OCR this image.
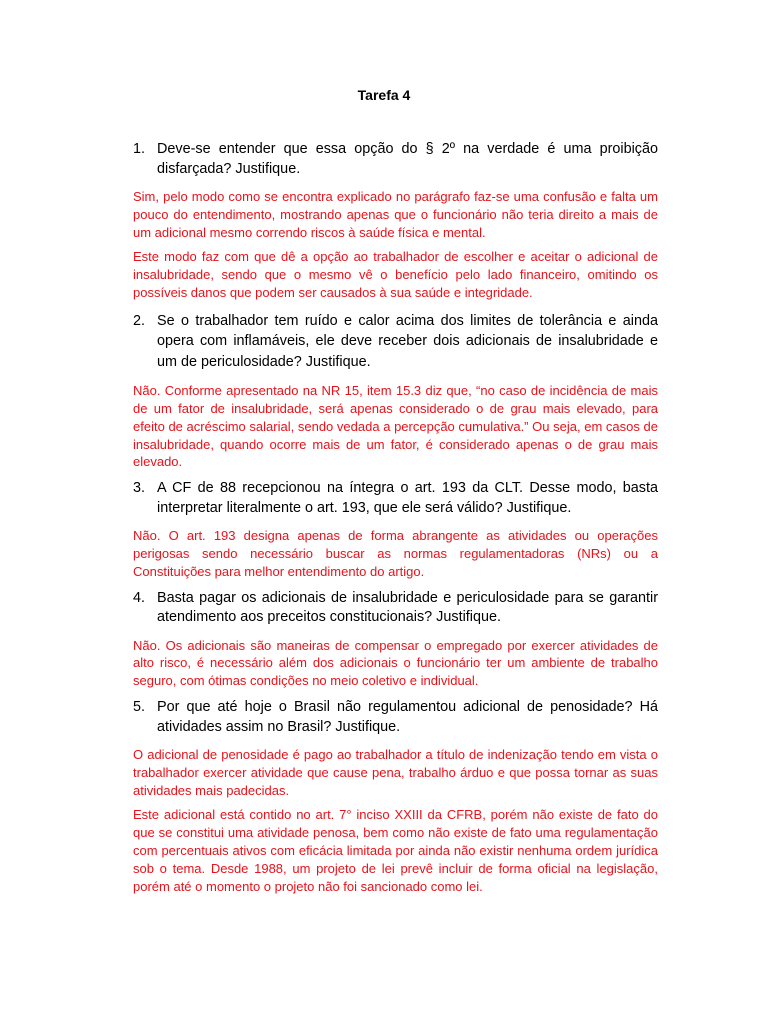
Tarefa 4
1. Deve-se entender que essa opção do § 2º na verdade é uma proibição disfarçada? Justifique.

Sim, pelo modo como se encontra explicado no parágrafo faz-se uma confusão e falta um pouco do entendimento, mostrando apenas que o funcionário não teria direito a mais de um adicional mesmo correndo riscos à saúde física e mental.

Este modo faz com que dê a opção ao trabalhador de escolher e aceitar o adicional de insalubridade, sendo que o mesmo vê o benefício pelo lado financeiro, omitindo os possíveis danos que podem ser causados à sua saúde e integridade.

2. Se o trabalhador tem ruído e calor acima dos limites de tolerância e ainda opera com inflamáveis, ele deve receber dois adicionais de insalubridade e um de periculosidade? Justifique.

Não. Conforme apresentado na NR 15, item 15.3 diz que, “no caso de incidência de mais de um fator de insalubridade, será apenas considerado o de grau mais elevado, para efeito de acréscimo salarial, sendo vedada a percepção cumulativa.” Ou seja, em casos de insalubridade, quando ocorre mais de um fator, é considerado apenas o de grau mais elevado.

3. A CF de 88 recepcionou na íntegra o art. 193 da CLT. Desse modo, basta interpretar literalmente o art. 193, que ele será válido? Justifique.

Não. O art. 193 designa apenas de forma abrangente as atividades ou operações perigosas sendo necessário buscar as normas regulamentadoras (NRs) ou a Constituições para melhor entendimento do artigo.

4. Basta pagar os adicionais de insalubridade e periculosidade para se garantir atendimento aos preceitos constitucionais? Justifique.

Não. Os adicionais são maneiras de compensar o empregado por exercer atividades de alto risco, é necessário além dos adicionais o funcionário ter um ambiente de trabalho seguro, com ótimas condições no meio coletivo e individual.

5. Por que até hoje o Brasil não regulamentou adicional de penosidade? Há atividades assim no Brasil? Justifique.

O adicional de penosidade é pago ao trabalhador a título de indenização tendo em vista o trabalhador exercer atividade que cause pena, trabalho árduo e que possa tornar as suas atividades mais padecidas.

Este adicional está contido no art. 7° inciso XXIII da CFRB, porém não existe de fato do que se constitui uma atividade penosa, bem como não existe de fato uma regulamentação com percentuais ativos com eficácia limitada por ainda não existir nenhuma ordem jurídica sob o tema. Desde 1988, um projeto de lei prevê incluir de forma oficial na legislação, porém até o momento o projeto não foi sancionado como lei.
